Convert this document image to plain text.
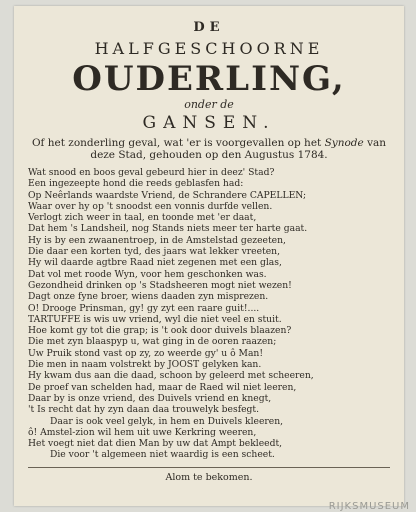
DE

HALFGESCHOORNE

OUDERLING,

onder de

GANSEN.

Of het zonderling geval, wat 'er is voorgevallen op het Synode van deze Stad, gehouden op den Augustus 1784.

Wat snood en boos geval gebeurd hier in deez' Stad?
Een ingezeepte hond die reeds geblasfen had:
Op Neêrlands waardste Vriend, de Schrandere CAPELLEN;
Waar over hy op 't snoodst een vonnis durfde vellen.
Verlogt zich weer in taal, en toonde met 'er daat,
Dat hem 's Landsheil, nog Stands niets meer ter harte gaat.
Hy is by een zwaanentroep, in de Amstelstad gezeeten,
Die daar een korten tyd, des jaars wat lekker vreeten,
Hy wil daarde agtbre Raad niet zegenen met een glas,
Dat vol met roode Wyn, voor hem geschonken was.
Gezondheid drinken op 's Stadsheeren mogt niet wezen!
Dagt onze fyne broer, wiens daaden zyn misprezen.
O! Drooge Prinsman, gy! gy zyt een raare guit!....
TARTUFFE is wis uw vriend, wyl die niet veel en stuit.
Hoe komt gy tot die grap; is 't ook door duivels blaazen?
Die met zyn blaaspyp u, wat ging in de ooren raazen;
Uw Pruik stond vast op zy, zo weerde gy' u ô Man!
Die men in naam volstrekt by JOOST gelyken kan.
Hy kwam dus aan die daad, schoon by geleerd met scheeren,
De proef van schelden had, maar de Raed wil niet leeren,
Daar by is onze vriend, des Duivels vriend en knegt,
't Is recht dat hy zyn daan daa trouwelyk besfegt.
Daar is ook veel gelyk, in hem en Duivels kleeren,
ô! Amstel-zion wil hem uit uwe Kerkring weeren,
Het voegt niet dat dien Man by uw dat Ampt bekleedt,
Die voor 't algemeen niet waardig is een scheet.

Alom te bekomen.

RIJKSMUSEUM
